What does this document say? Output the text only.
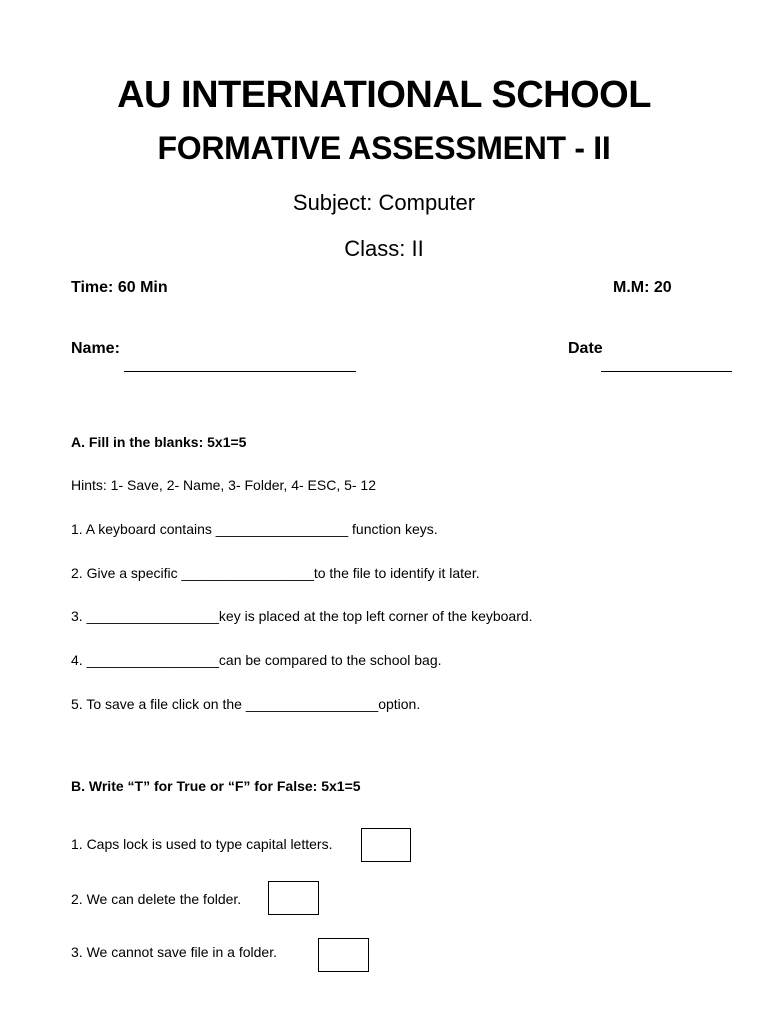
AU INTERNATIONAL SCHOOL
FORMATIVE ASSESSMENT - II
Subject: Computer
Class: II
Time: 60 Min	M.M: 20
Name:	Date
A. Fill in the blanks: 5x1=5
Hints: 1- Save, 2- Name, 3- Folder, 4- ESC, 5- 12
1. A keyboard contains _________________ function keys.
2. Give a specific _________________to the file to identify it later.
3. _________________key is placed at the top left corner of the keyboard.
4. _________________can be compared to the school bag.
5. To save a file click on the _________________option.
B. Write “T” for True or “F” for False: 5x1=5
1. Caps lock is used to type capital letters.
2. We can delete the folder.
3. We cannot save file in a folder.
